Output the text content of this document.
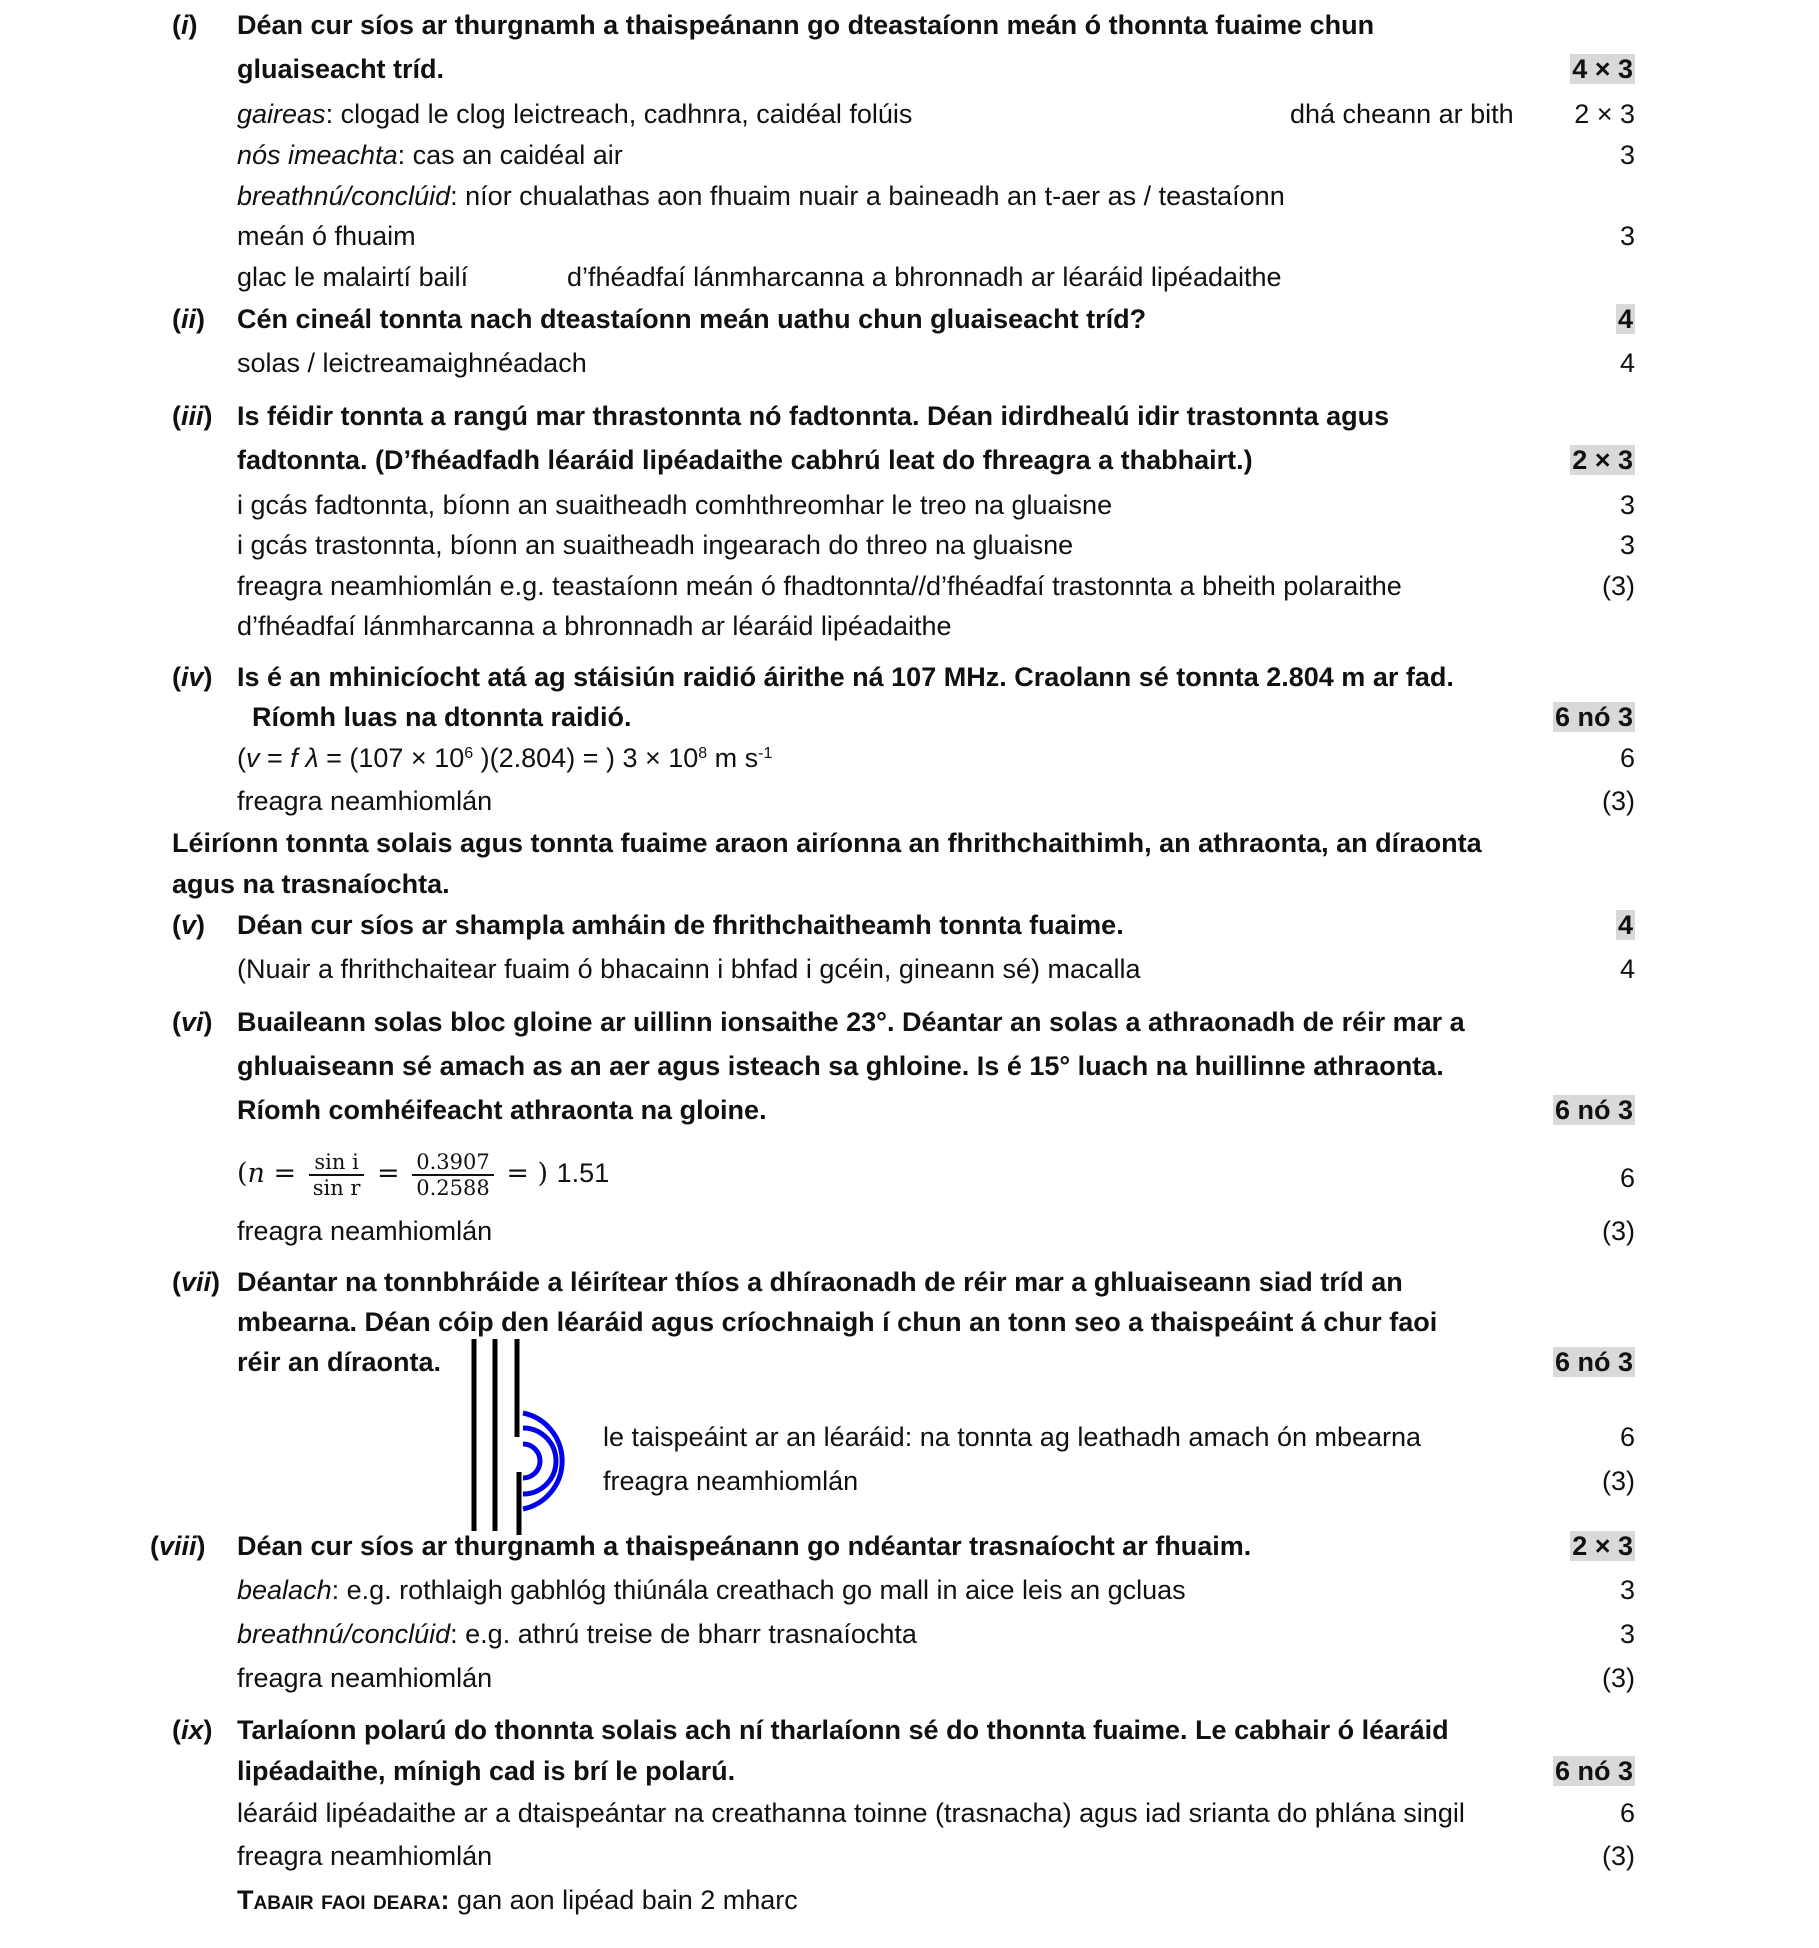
(i) Déan cur síos ar thurgnamh a thaispeánann go dteastaíonn meán ó thonnta fuaime chun
gluaiseacht tríd.	4 × 3
gaireas: clogad le clog leictreach, cadhnra, caidéal folúis	dhá cheann ar bith 2 × 3
nós imeachta: cas an caidéal air	3
breathnú/conclúid: níor chualathas aon fhuaim nuair a baineadh an t-aer as / teastaíonn
meán ó fhuaim	3
glac le malairtí bailí	d’fhéadfaí lánmharcanna a bhronnadh ar léaráid lipéadaithe
(ii) Cén cineál tonnta nach dteastaíonn meán uathu chun gluaiseacht tríd?	4
solas / leictreamaighnéadach	4
(iii) Is féidir tonnta a rangú mar thrastonnta nó fadtonnta. Déan idirdhealú idir trastonnta agus
fadtonnta. (D’fhéadfadh léaráid lipéadaithe cabhrú leat do fhreagra a thabhairt.)	2 × 3
i gcás fadtonnta, bíonn an suaitheadh comhthreomhar le treo na gluaisne	3
i gcás trastonnta, bíonn an suaitheadh ingearach do threo na gluaisne	3
freagra neamhiomlán e.g. teastaíonn meán ó fhadtonnta//d’fhéadfaí trastonnta a bheith polaraithe	(3)
d’fhéadfaí lánmharcanna a bhronnadh ar léaráid lipéadaithe
(iv) Is é an mhinicíocht atá ag stáisiún raidió áirithe ná 107 MHz. Craolann sé tonnta 2.804 m ar fad.
Ríomh luas na dtonnta raidió.	6 nó 3
(v = f $\lambda = (107 \times 10^6$ )(2.804) = ) $3 \times 10^8$ m $s^{-1}$	6
freagra neamhiomlán	(3)
Léiríonn tonnta solais agus tonnta fuaime araon airíonna an fhrithchaithimh, an athraonta, an díraonta
agus na trasnaíochta.
(v) Déan cur síos ar shampla amháin de fhrithchaitheamh tonnta fuaime.	4
(Nuair a fhrithchaitear fuaim ó bhacainn i bhfad i gcéin, gineann sé) macalla	4
(vi) Buaileann solas bloc gloine ar uillinn ionsaithe 23°. Déantar an solas a athraonadh de réir mar a
ghluaiseann sé amach as an aer agus isteach sa ghloine. Is é 15° luach na huillinne athraonta.
Ríomh comhéifeacht athraonta na gloine.	6 nó 3
($n = \frac{\text{sin i}}{\text{sin r}} = \frac{0.3907}{0.2588}$ = ) 1.51	6
freagra neamhiomlán	(3)
(vii) Déantar na tonnbhráide a léirítear thíos a dhíraonadh de réir mar a ghluaiseann siad tríd an
mbearna. Déan cóip den léaráid agus críochnaigh í chun an tonn seo a thaispeáint á chur faoi
réir an díraonta.	6 nó 3
le taispeáint ar an léaráid: na tonnta ag leathadh amach ón mbearna	6
freagra neamhiomlán	(3)
(viii) Déan cur síos ar thurgnamh a thaispeánann go ndéantar trasnaíocht ar fhuaim.	2 × 3
bealach: e.g. rothlaigh gabhlóg thiúnála creathach go mall in aice leis an gcluas	3
breathnú/conclúid: e.g. athrú treise de bharr trasnaíochta	3
freagra neamhiomlán	(3)
(ix) Tarlaíonn polarú do thonnta solais ach ní tharlaíonn sé do thonnta fuaime. Le cabhair ó léaráid
lipéadaithe, mínigh cad is brí le polarú.	6 nó 3
léaráid lipéadaithe ar a dtaispeántar na creathanna toinne (trasnacha) agus iad srianta do phlána singil	6
freagra neamhiomlán	(3)
Tabair faoi deara: gan aon lipéad bain 2 mharc
